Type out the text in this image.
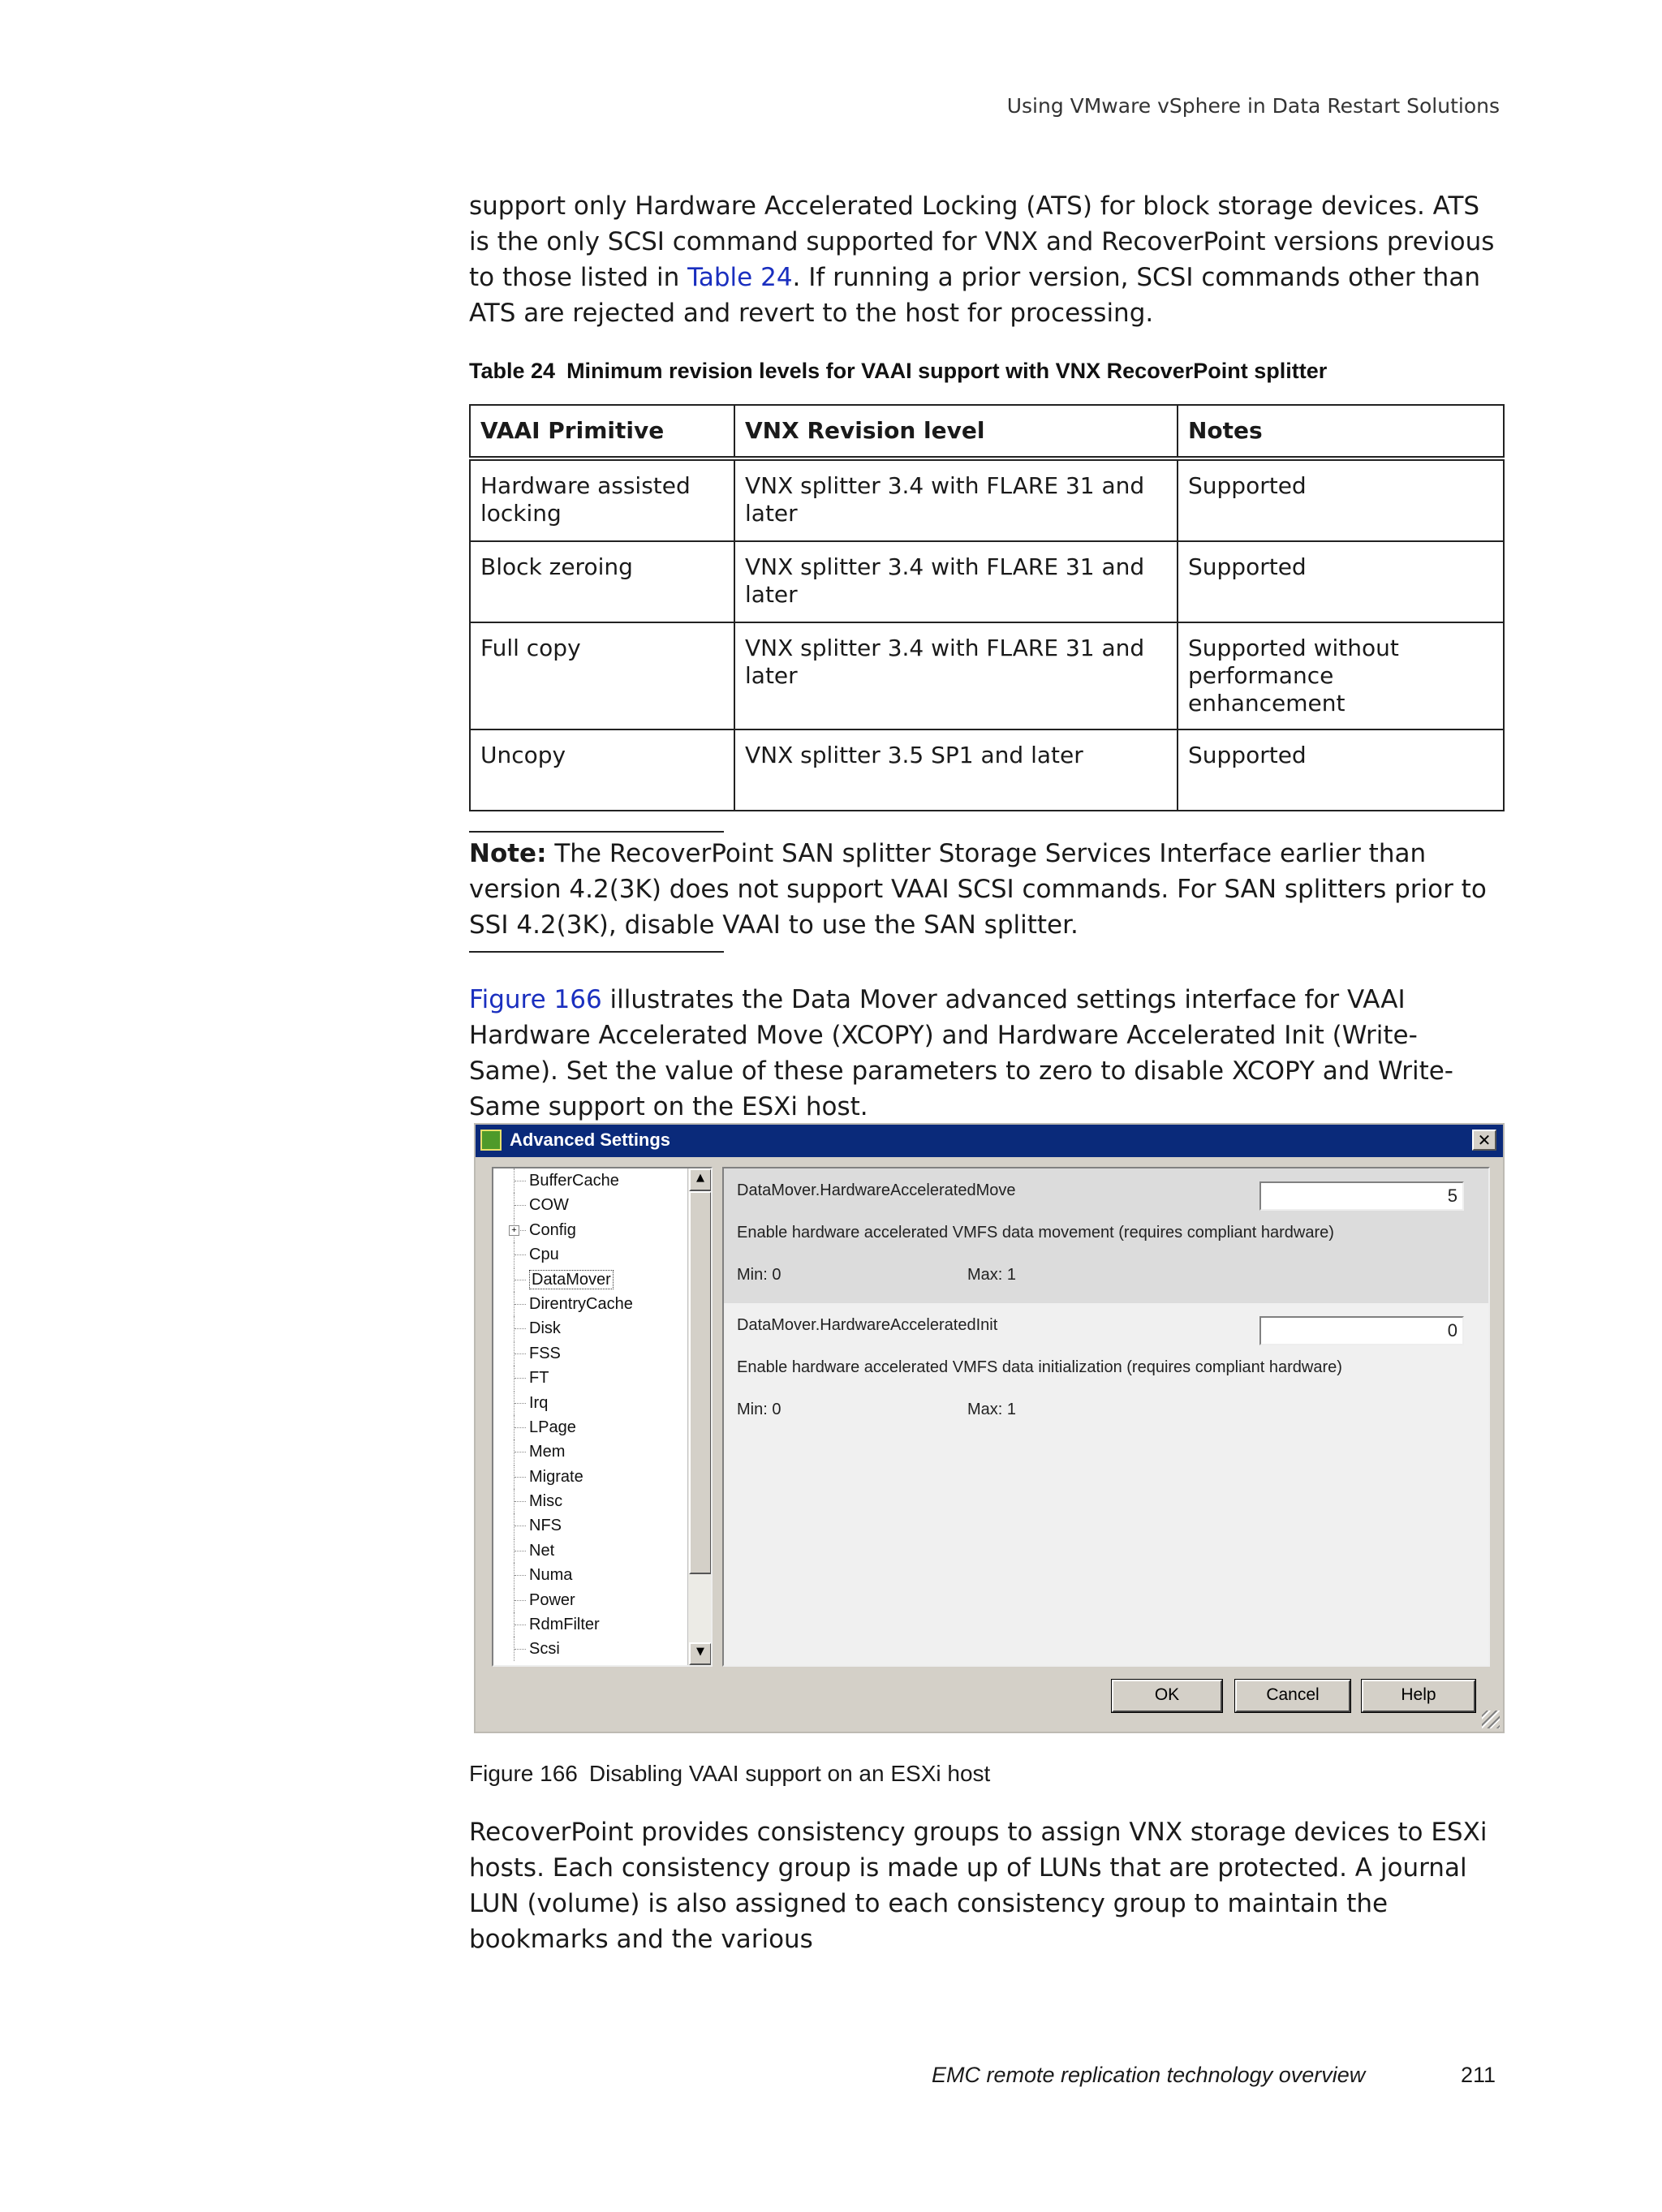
Using VMware vSphere in Data Restart Solutions

support only Hardware Accelerated Locking (ATS) for block storage devices. ATS is the only SCSI command supported for VNX and RecoverPoint versions previous to those listed in Table 24. If running a prior version, SCSI commands other than ATS are rejected and revert to the host for processing.

Table 24 Minimum revision levels for VAAI support with VNX RecoverPoint splitter
VAAI Primitive	VNX Revision level	Notes
Hardware assisted locking	VNX splitter 3.4 with FLARE 31 and later	Supported
Block zeroing	VNX splitter 3.4 with FLARE 31 and later	Supported
Full copy	VNX splitter 3.4 with FLARE 31 and later	Supported without performance enhancement
Uncopy	VNX splitter 3.5 SP1 and later	Supported

Note: The RecoverPoint SAN splitter Storage Services Interface earlier than version 4.2(3K) does not support VAAI SCSI commands. For SAN splitters prior to SSI 4.2(3K), disable VAAI to use the SAN splitter.

Figure 166 illustrates the Data Mover advanced settings interface for VAAI Hardware Accelerated Move (XCOPY) and Hardware Accelerated Init (Write-Same). Set the value of these parameters to zero to disable XCOPY and Write-Same support on the ESXi host.

Advanced Settings	✕
BufferCache
COW
+ Config
Cpu
DataMover
DirentryCache
Disk
FSS
FT
Irq
LPage
Mem
Migrate
Misc
NFS
Net
Numa
Power
RdmFilter
Scsi
▲
▼
DataMover.HardwareAcceleratedMove	5
Enable hardware accelerated VMFS data movement (requires compliant hardware)
Min: 0	Max: 1
DataMover.HardwareAcceleratedInit	0
Enable hardware accelerated VMFS data initialization (requires compliant hardware)
Min: 0	Max: 1
OK	Cancel	Help
Figure 166 Disabling VAAI support on an ESXi host

RecoverPoint provides consistency groups to assign VNX storage devices to ESXi hosts. Each consistency group is made up of LUNs that are protected. A journal LUN (volume) is also assigned to each consistency group to maintain the bookmarks and the various

EMC remote replication technology overview	211
